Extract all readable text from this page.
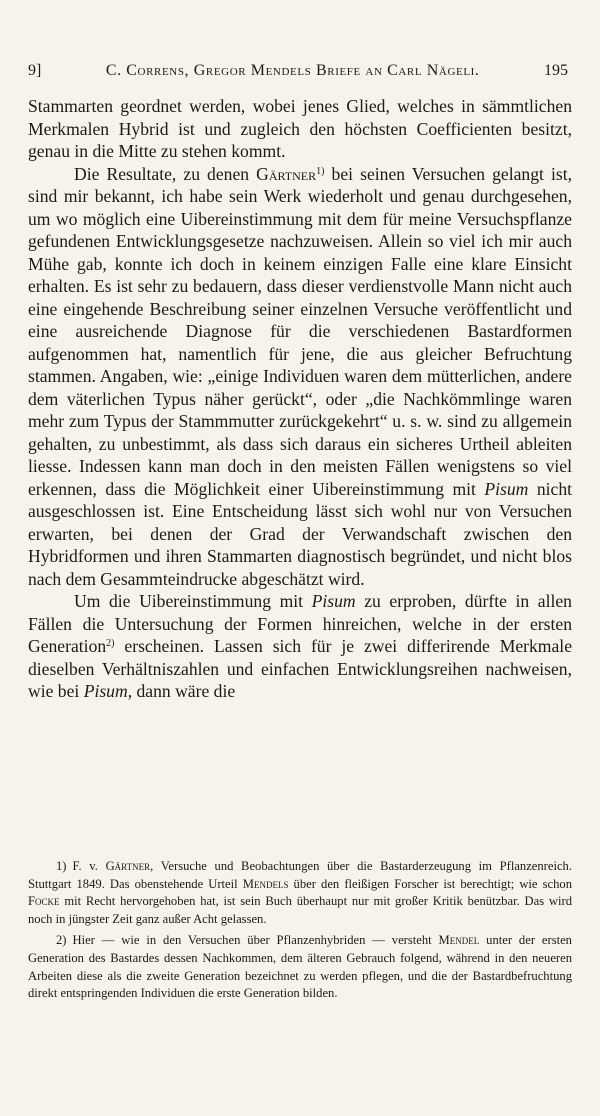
9]	C. Correns, Gregor Mendels Briefe an Carl Nägeli.	195

Stammarten geordnet werden, wobei jenes Glied, welches in sämmtlichen Merkmalen Hybrid ist und zugleich den höchsten Coefficienten besitzt, genau in die Mitte zu stehen kommt.

Die Resultate, zu denen Gärtner$^{1)}$ bei seinen Versuchen gelangt ist, sind mir bekannt, ich habe sein Werk wiederholt und genau durchgesehen, um wo möglich eine Uibereinstimmung mit dem für meine Versuchspflanze gefundenen Entwicklungsgesetze nachzuweisen. Allein so viel ich mir auch Mühe gab, konnte ich doch in keinem einzigen Falle eine klare Einsicht erhalten. Es ist sehr zu bedauern, dass dieser verdienstvolle Mann nicht auch eine eingehende Beschreibung seiner einzelnen Versuche veröffentlicht und eine ausreichende Diagnose für die verschiedenen Bastardformen aufgenommen hat, namentlich für jene, die aus gleicher Befruchtung stammen. Angaben, wie: „einige Individuen waren dem mütterlichen, andere dem väterlichen Typus näher gerückt“, oder „die Nachkömmlinge waren mehr zum Typus der Stammmutter zurückgekehrt“ u. s. w. sind zu allgemein gehalten, zu unbestimmt, als dass sich daraus ein sicheres Urtheil ableiten liesse. Indessen kann man doch in den meisten Fällen wenigstens so viel erkennen, dass die Möglichkeit einer Uibereinstimmung mit Pisum nicht ausgeschlossen ist. Eine Entscheidung lässt sich wohl nur von Versuchen erwarten, bei denen der Grad der Verwandschaft zwischen den Hybridformen und ihren Stammarten diagnostisch begründet, und nicht blos nach dem Gesammteindrucke abgeschätzt wird.

Um die Uibereinstimmung mit Pisum zu erproben, dürfte in allen Fällen die Untersuchung der Formen hinreichen, welche in der ersten Generation$^{2)}$ erscheinen. Lassen sich für je zwei differirende Merkmale dieselben Verhältniszahlen und einfachen Entwicklungsreihen nachweisen, wie bei Pisum, dann wäre die

1) F. v. Gärtner, Versuche und Beobachtungen über die Bastarderzeugung im Pflanzenreich. Stuttgart 1849. Das obenstehende Urteil Mendels über den fleißigen Forscher ist berechtigt; wie schon Focke mit Recht hervorgehoben hat, ist sein Buch überhaupt nur mit großer Kritik benützbar. Das wird noch in jüngster Zeit ganz außer Acht gelassen.

2) Hier — wie in den Versuchen über Pflanzenhybriden — versteht Mendel unter der ersten Generation des Bastardes dessen Nachkommen, dem älteren Gebrauch folgend, während in den neueren Arbeiten diese als die zweite Generation bezeichnet zu werden pflegen, und die der Bastardbefruchtung direkt entspringenden Individuen die erste Generation bilden.
